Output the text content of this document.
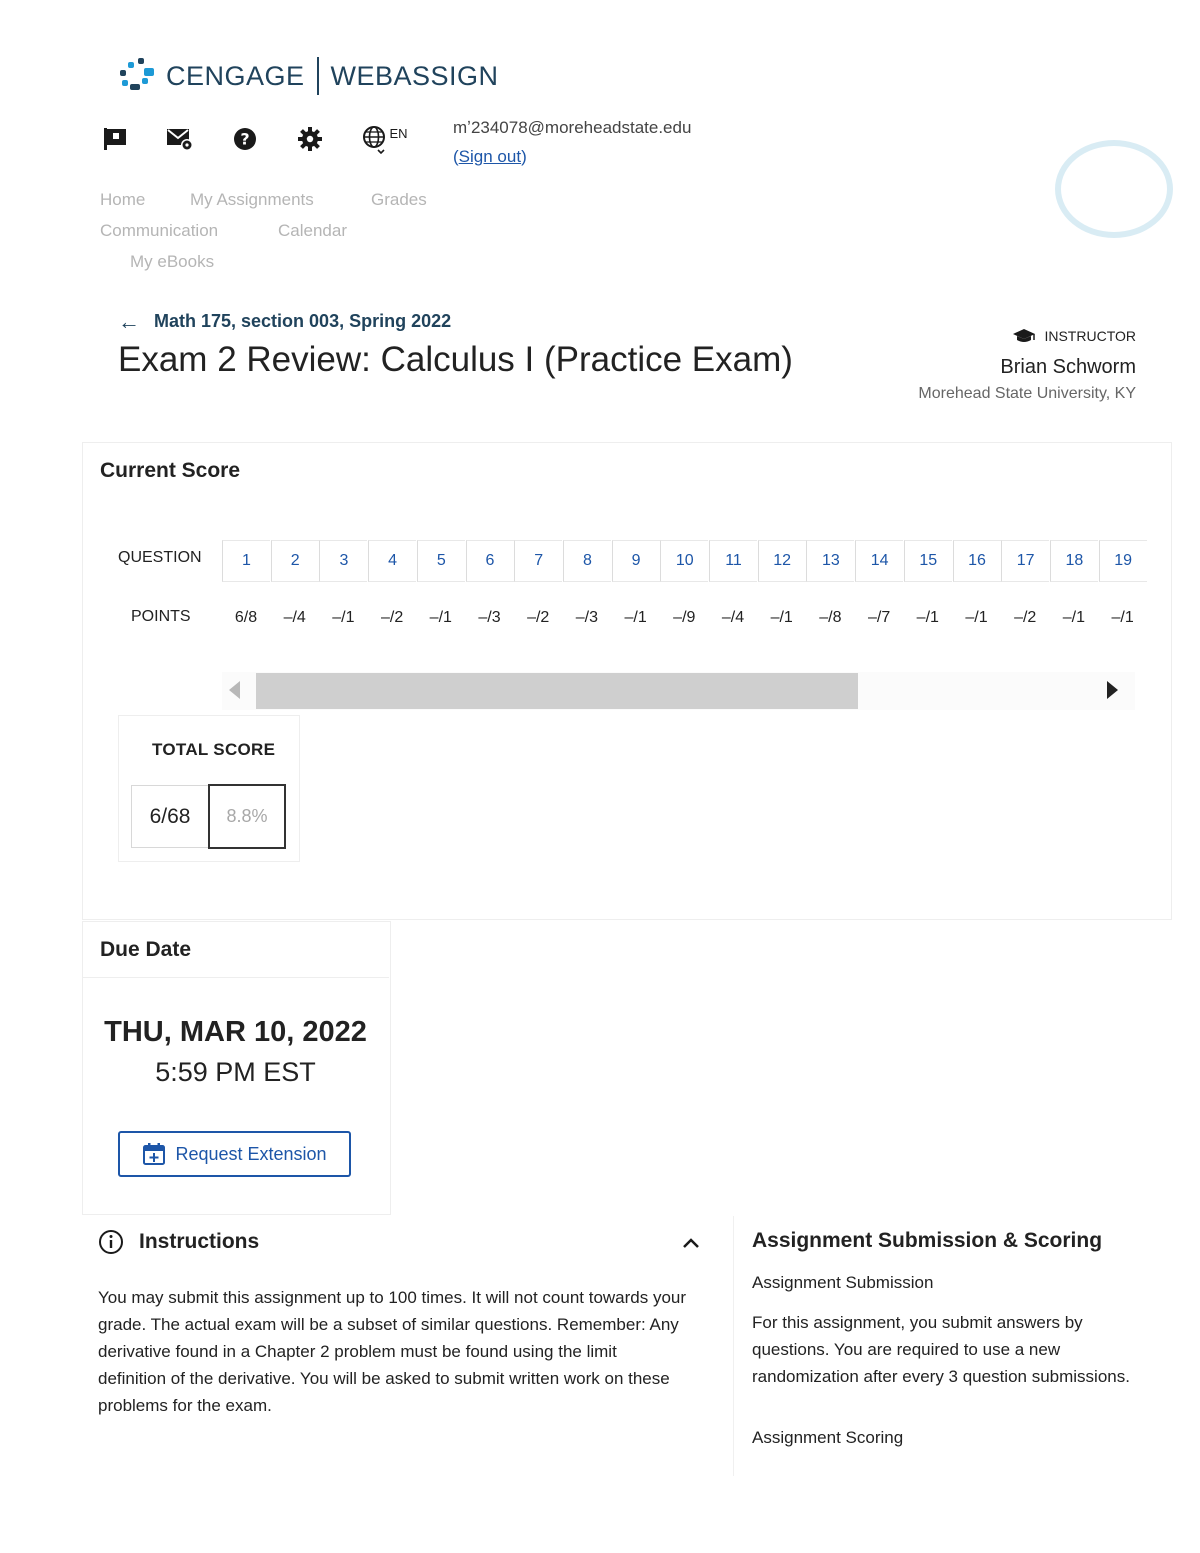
CENGAGE WEBASSIGN
?	EN	mʼ234078@moreheadstate.edu
(Sign out)
Home	My Assignments	Grades
Communication	Calendar
My eBooks
← Math 175, section 003, Spring 2022
Exam 2 Review: Calculus I (Practice Exam)
INSTRUCTOR
Brian Schworm
Morehead State University, KY
Current Score
QUESTION
POINTS
1	2	3	4	5	6	7	8	9	10	11	12	13	14	15	16	17	18	19
6/8	–/4	–/1	–/2	–/1	–/3	–/2	–/3	–/1	–/9	–/4	–/1	–/8	–/7	–/1	–/1	–/2	–/1	–/1
TOTAL SCORE
6/68	8.8%
Due Date
THU, MAR 10, 2022
5:59 PM EST
Request Extension
Instructions

You may submit this assignment up to 100 times. It will not count towards your grade. The actual exam will be a subset of similar questions. Remember: Any derivative found in a Chapter 2 problem must be found using the limit definition of the derivative. You will be asked to submit written work on these problems for the exam.

Assignment Submission & Scoring
Assignment Submission

For this assignment, you submit answers by questions. You are required to use a new randomization after every 3 question submissions.

Assignment Scoring
